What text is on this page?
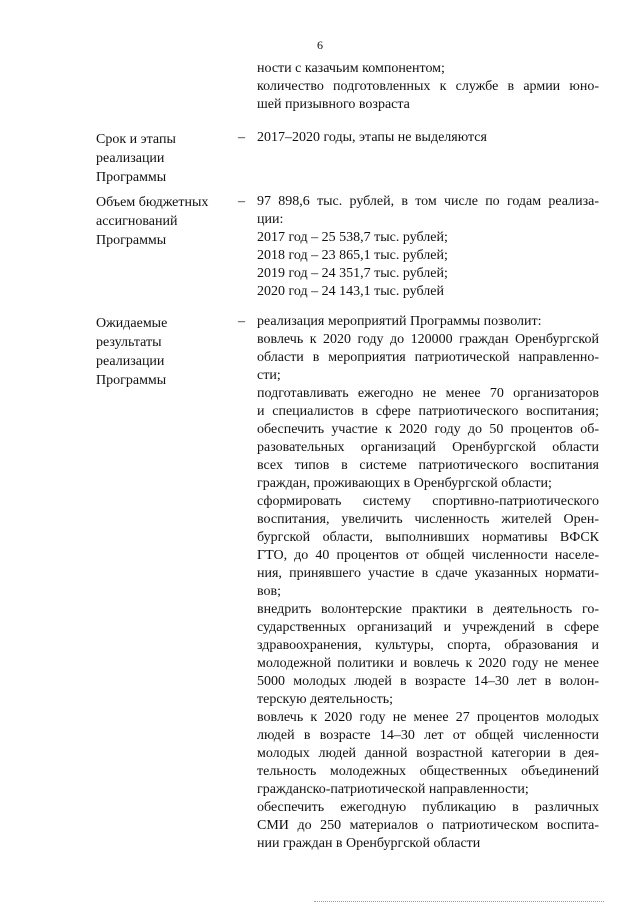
6
ности с казачьим компонентом;
количество подготовленных к службе в армии юно-
шей призывного возраста
Срок и этапы
реализации
Программы
– 2017–2020 годы, этапы не выделяются
Объем бюджетных
ассигнований
Программы
– 97 898,6 тыс. рублей, в том числе по годам реализа-
ции:
2017 год – 25 538,7 тыс. рублей;
2018 год – 23 865,1 тыс. рублей;
2019 год – 24 351,7 тыс. рублей;
2020 год – 24 143,1 тыс. рублей
Ожидаемые
результаты
реализации
Программы
– реализация мероприятий Программы позволит:
вовлечь к 2020 году до 120000 граждан Оренбургской
области в мероприятия патриотической направленно-
сти;
подготавливать ежегодно не менее 70 организаторов
и специалистов в сфере патриотического воспитания;
обеспечить участие к 2020 году до 50 процентов об-
разовательных организаций Оренбургской области
всех типов в системе патриотического воспитания
граждан, проживающих в Оренбургской области;
сформировать систему спортивно-патриотического
воспитания, увеличить численность жителей Орен-
бургской области, выполнивших нормативы ВФСК
ГТО, до 40 процентов от общей численности населе-
ния, принявшего участие в сдаче указанных нормати-
вов;
внедрить волонтерские практики в деятельность го-
сударственных организаций и учреждений в сфере
здравоохранения, культуры, спорта, образования и
молодежной политики и вовлечь к 2020 году не менее
5000 молодых людей в возрасте 14–30 лет в волон-
терскую деятельность;
вовлечь к 2020 году не менее 27 процентов молодых
людей в возрасте 14–30 лет от общей численности
молодых людей данной возрастной категории в дея-
тельность молодежных общественных объединений
гражданско-патриотической направленности;
обеспечить ежегодную публикацию в различных
СМИ до 250 материалов о патриотическом воспита-
нии граждан в Оренбургской области
